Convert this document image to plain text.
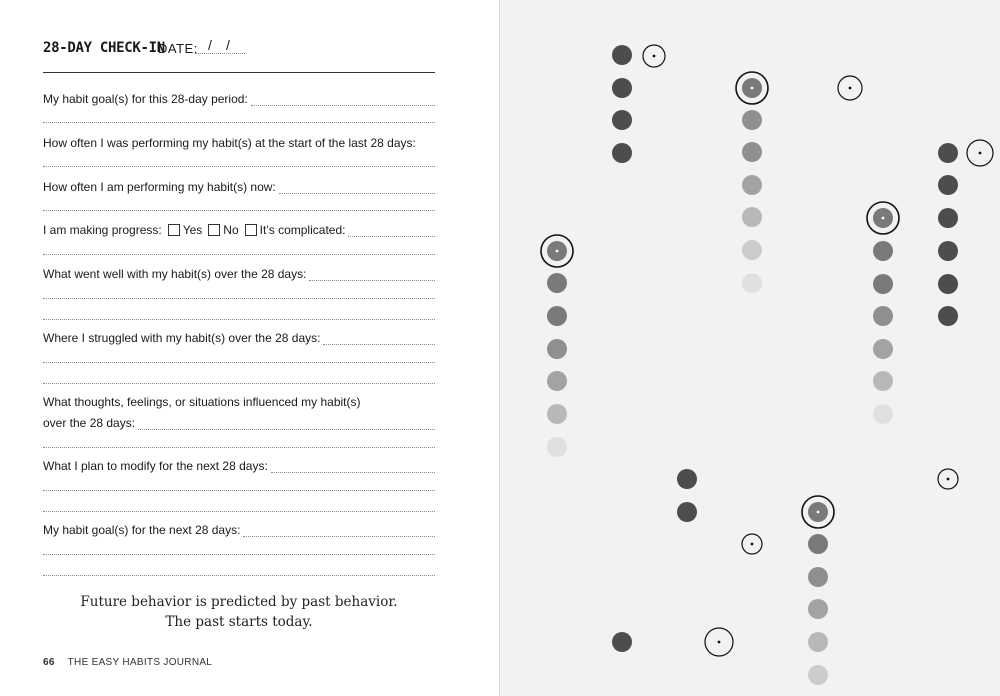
28-DAY CHECK-IN
DATE: / /
My habit goal(s) for this 28-day period:
How often I was performing my habit(s) at the start of the last 28 days:
How often I am performing my habit(s) now:
I am making progress:	Yes	No	It’s complicated:
What went well with my habit(s) over the 28 days:
Where I struggled with my habit(s) over the 28 days:
What thoughts, feelings, or situations influenced my habit(s)
over the 28 days:
What I plan to modify for the next 28 days:
My habit goal(s) for the next 28 days:
Future behavior is predicted by past behavior.
The past starts today.
66 THE EASY HABITS JOURNAL
